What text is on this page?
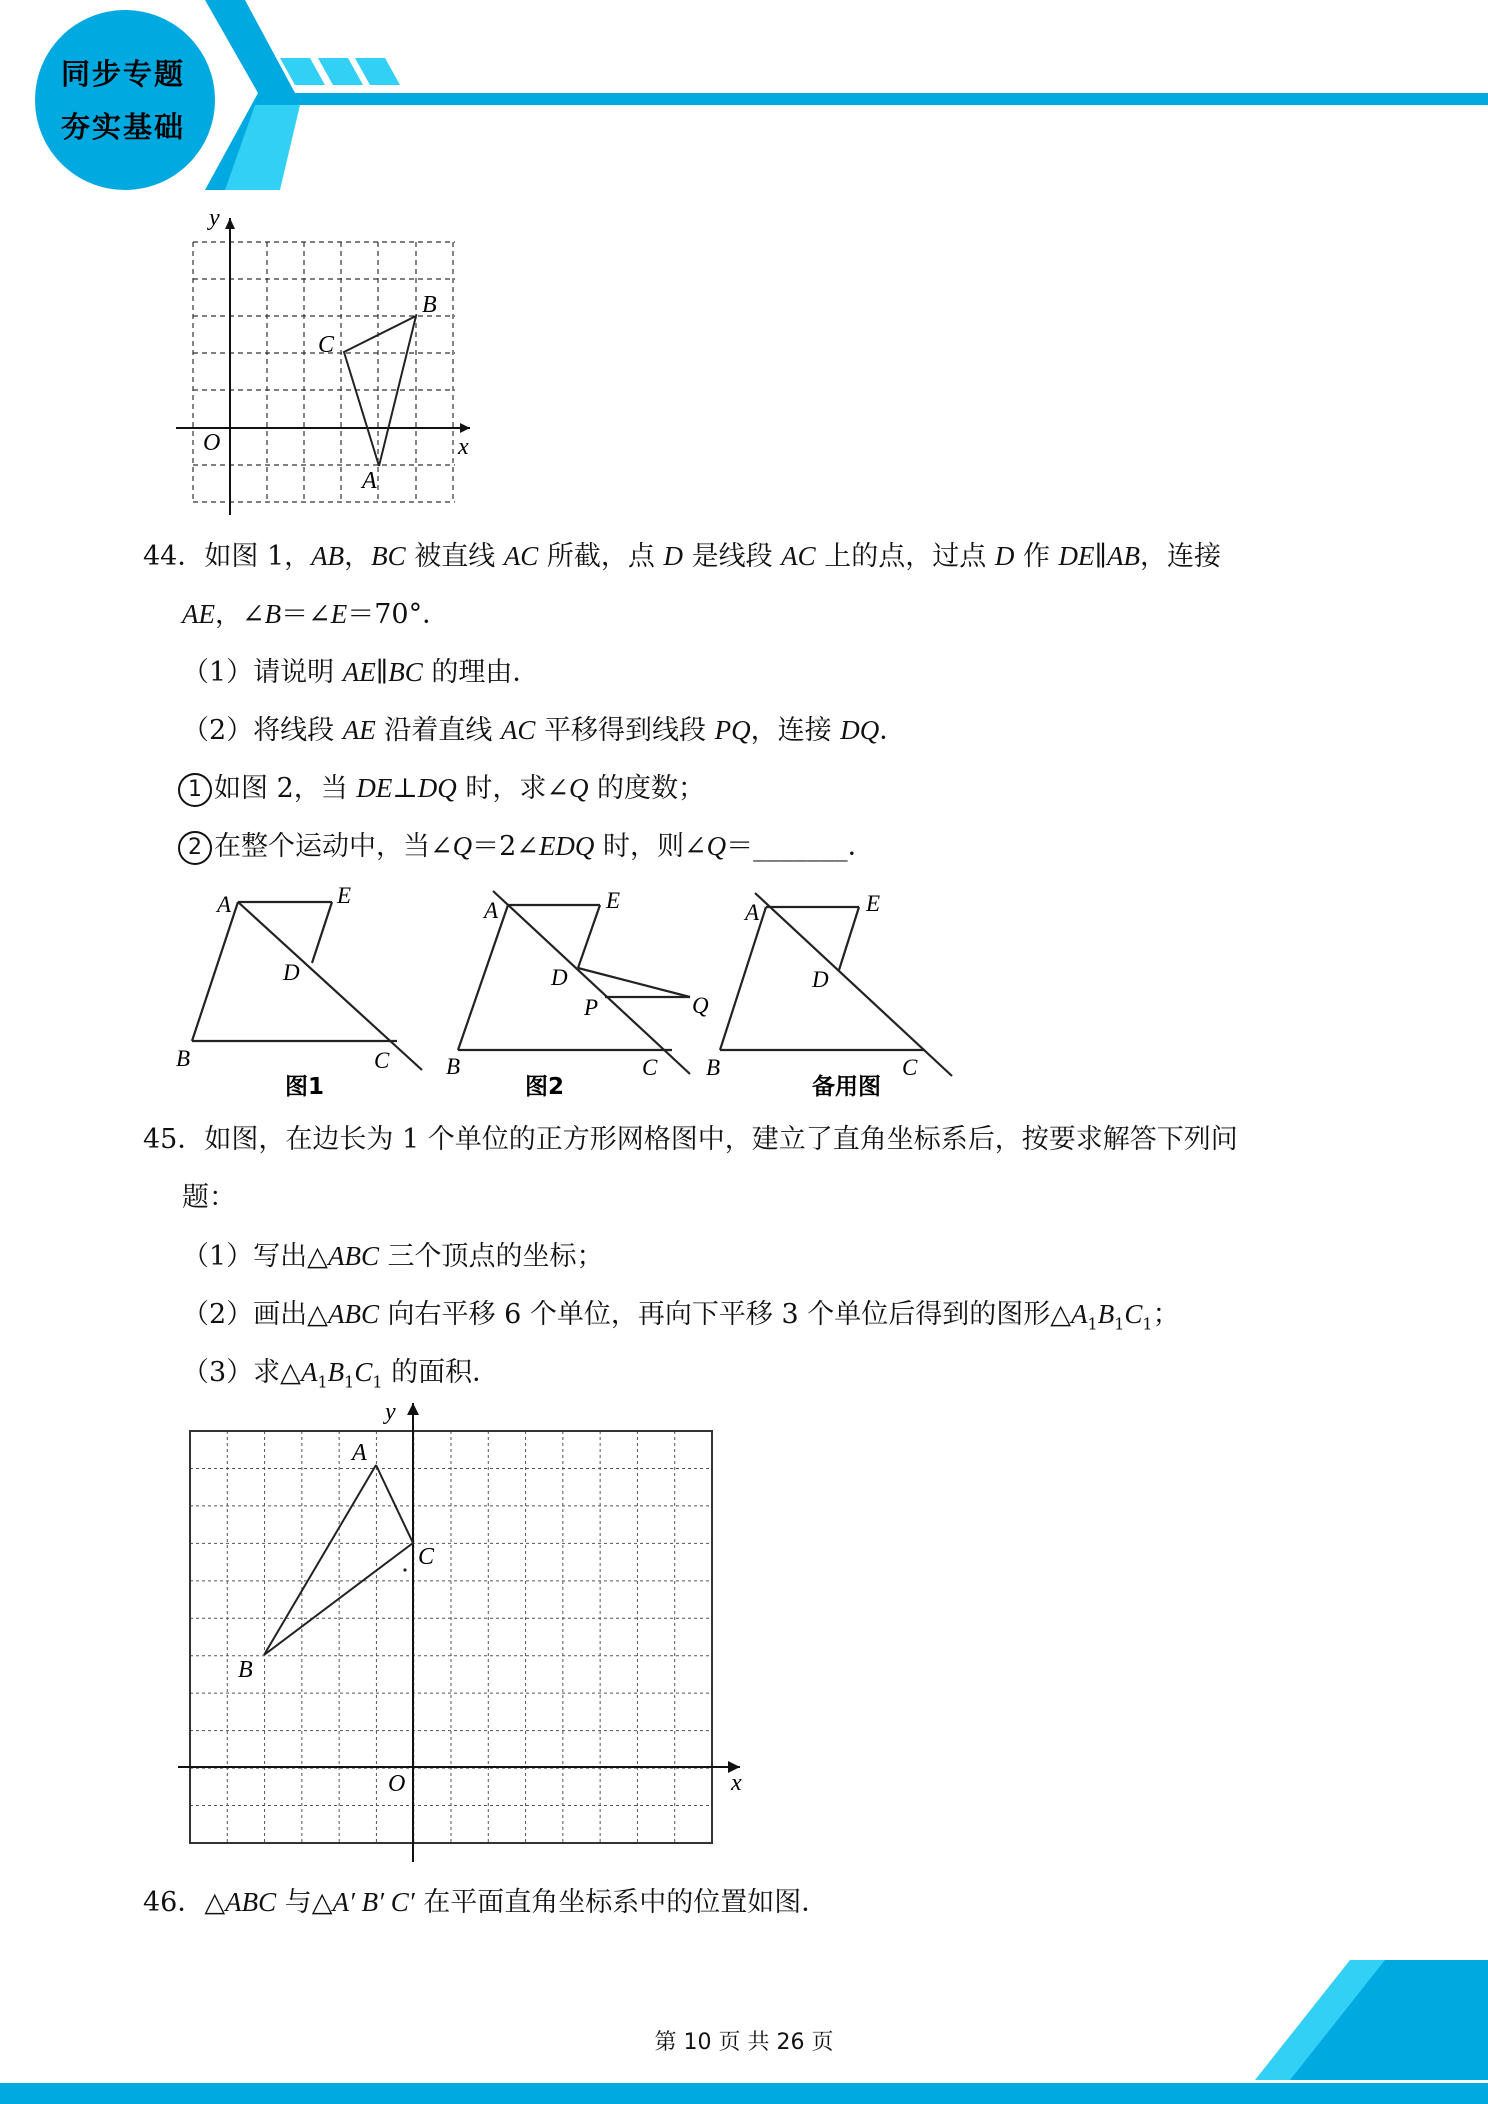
同步专题
夯实基础
y
x
O
A
B
C
44．如图 1，AB，BC 被直线 AC 所截，点 D 是线段 AC 上的点，过点 D 作 DE∥AB，连接
AE，∠B＝∠E＝70°．
（1）请说明 AE∥BC 的理由．
（2）将线段 AE 沿着直线 AC 平移得到线段 PQ，连接 DQ．
1 如图 2，当 DE⊥DQ 时，求∠Q 的度数；
2 在整个运动中，当∠Q＝2∠EDQ 时，则∠Q＝_______．
A	E
D
B	C
图1
A	E
D
P	Q
B	C
图2
A	E
D
B	C
备用图
45．如图，在边长为 1 个单位的正方形网格图中，建立了直角坐标系后，按要求解答下列问
题：
（1）写出△ABC 三个顶点的坐标；
（2）画出△ABC 向右平移 6 个单位，再向下平移 3 个单位后得到的图形$\triangle A_1B_1C_1$；
（3）求$\triangle A_1B_1C_1$ 的面积．
y
x
O
A
B
C
46．△ABC 与△A′ B′ C′ 在平面直角坐标系中的位置如图．
第 10 页 共 26 页
